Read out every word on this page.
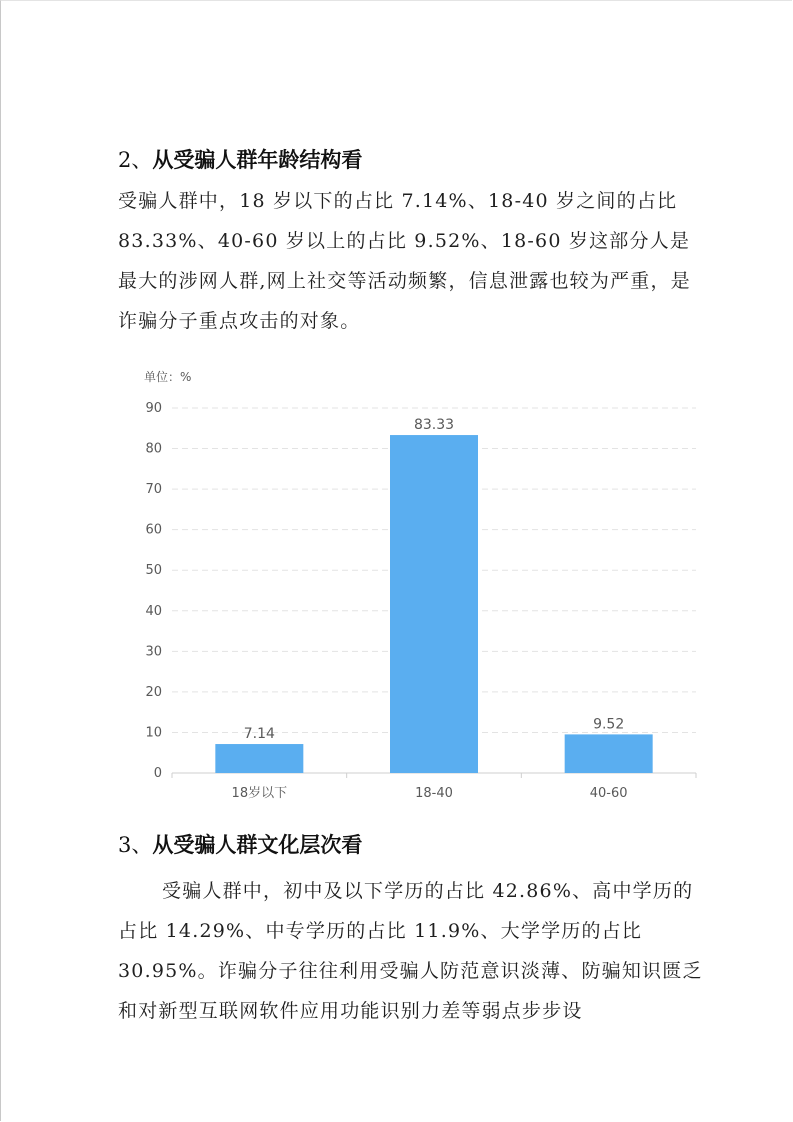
2、从受骗人群年龄结构看
受骗人群中，18 岁以下的占比 7.14%、18-40 岁之间的占比 83.33%、40-60 岁以上的占比 9.52%、18-60 岁这部分人是最大的涉网人群,网上社交等活动频繁，信息泄露也较为严重，是诈骗分子重点攻击的对象。
单位：%
0
10
20
30
40
50
60
70
80
90
7.14
18岁以下
83.33
18-40
9.52
40-60
3、从受骗人群文化层次看
受骗人群中，初中及以下学历的占比 42.86%、高中学历的占比 14.29%、中专学历的占比 11.9%、大学学历的占比 30.95%。诈骗分子往往利用受骗人防范意识淡薄、防骗知识匮乏和对新型互联网软件应用功能识别力差等弱点步步设
